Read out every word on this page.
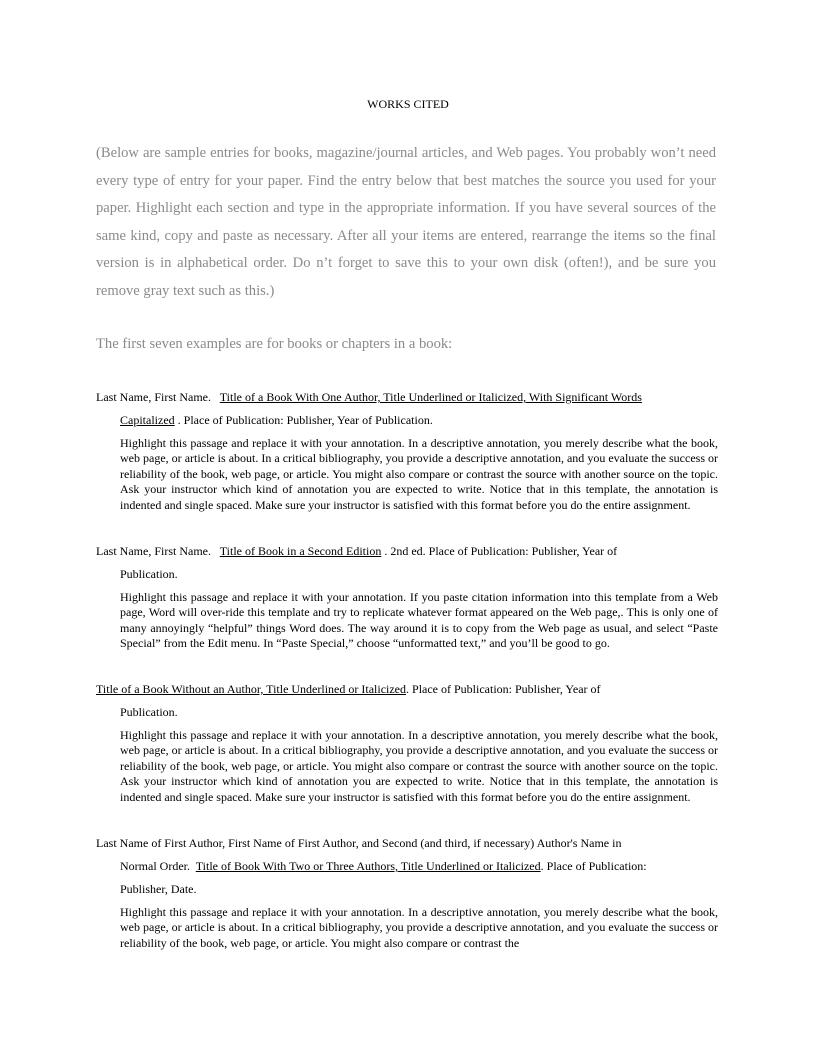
WORKS CITED
(Below are sample entries for books, magazine/journal articles, and Web pages. You probably won’t need every type of entry for your paper. Find the entry below that best matches the source you used for your paper. Highlight each section and type in the appropriate information. If you have several sources of the same kind, copy and paste as necessary. After all your items are entered, rearrange the items so the final version is in alphabetical order. Do n’t forget to save this to your own disk (often!), and be sure you remove gray text such as this.)
The first seven examples are for books or chapters in a book:
Last Name, First Name.   Title of a Book With One Author, Title Underlined or Italicized, With Significant Words
Capitalized . Place of Publication: Publisher, Year of Publication.
Highlight this passage and replace it with your annotation. In a descriptive annotation, you merely describe what the book, web page, or article is about. In a critical bibliography, you provide a descriptive annotation, and you evaluate the success or reliability of the book, web page, or article. You might also compare or contrast the source with another source on the topic. Ask your instructor which kind of annotation you are expected to write. Notice that in this template, the annotation is indented and single spaced. Make sure your instructor is satisfied with this format before you do the entire assignment.
Last Name, First Name.   Title of Book in a Second Edition . 2nd ed. Place of Publication: Publisher, Year of
Publication.
Highlight this passage and replace it with your annotation. If you paste citation information into this template from a Web page, Word will over-ride this template and try to replicate whatever format appeared on the Web page,. This is only one of many annoyingly “helpful” things Word does. The way around it is to copy from the Web page as usual, and select “Paste Special” from the Edit menu. In “Paste Special,” choose “unformatted text,” and you’ll be good to go.
Title of a Book Without an Author, Title Underlined or Italicized. Place of Publication: Publisher, Year of
Publication.
Highlight this passage and replace it with your annotation. In a descriptive annotation, you merely describe what the book, web page, or article is about. In a critical bibliography, you provide a descriptive annotation, and you evaluate the success or reliability of the book, web page, or article. You might also compare or contrast the source with another source on the topic. Ask your instructor which kind of annotation you are expected to write. Notice that in this template, the annotation is indented and single spaced. Make sure your instructor is satisfied with this format before you do the entire assignment.
Last Name of First Author, First Name of First Author, and Second (and third, if necessary) Author's Name in
Normal Order.  Title of Book With Two or Three Authors, Title Underlined or Italicized. Place of Publication:
Publisher, Date.
Highlight this passage and replace it with your annotation. In a descriptive annotation, you merely describe what the book, web page, or article is about. In a critical bibliography, you provide a descriptive annotation, and you evaluate the success or reliability of the book, web page, or article. You might also compare or contrast the
